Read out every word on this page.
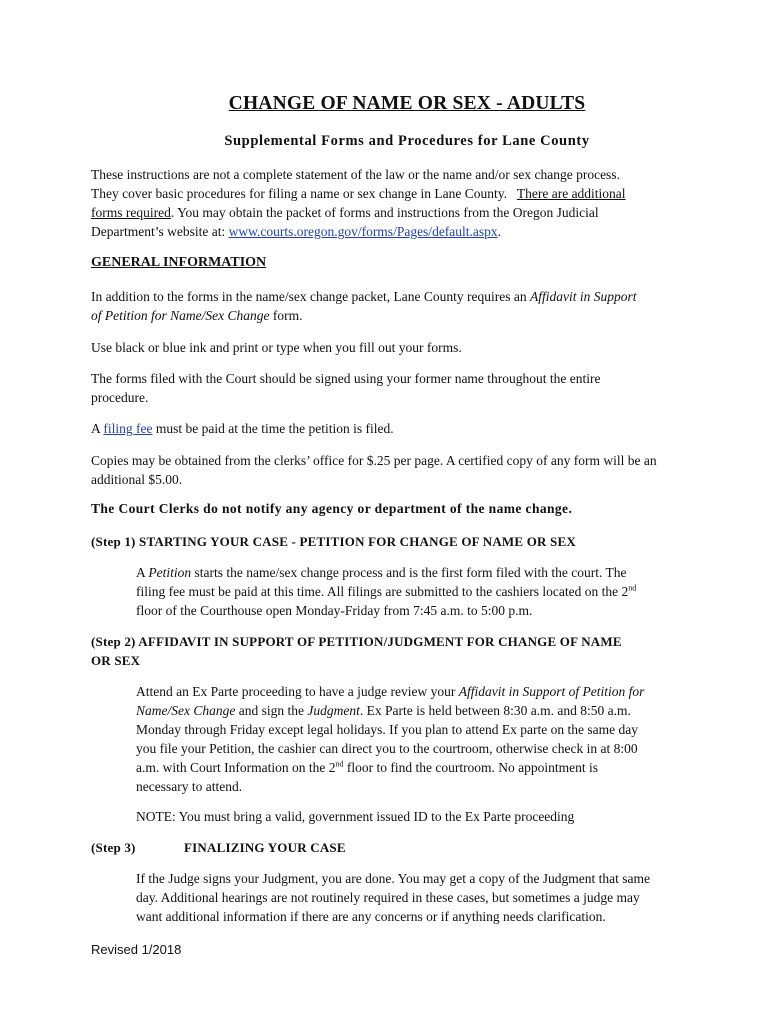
CHANGE OF NAME OR SEX - ADULTS
Supplemental Forms and Procedures for Lane County
These instructions are not a complete statement of the law or the name and/or sex change process.
They cover basic procedures for filing a name or sex change in Lane County. There are additional
forms required. You may obtain the packet of forms and instructions from the Oregon Judicial
Department’s website at: www.courts.oregon.gov/forms/Pages/default.aspx.
GENERAL INFORMATION
In addition to the forms in the name/sex change packet, Lane County requires an Affidavit in Support
of Petition for Name/Sex Change form.
Use black or blue ink and print or type when you fill out your forms.
The forms filed with the Court should be signed using your former name throughout the entire
procedure.
A filing fee must be paid at the time the petition is filed.
Copies may be obtained from the clerks’ office for $.25 per page. A certified copy of any form will be an
additional $5.00.
The Court Clerks do not notify any agency or department of the name change.
(Step 1) STARTING YOUR CASE - PETITION FOR CHANGE OF NAME OR SEX
A Petition starts the name/sex change process and is the first form filed with the court. The
filing fee must be paid at this time. All filings are submitted to the cashiers located on the 2nd
floor of the Courthouse open Monday-Friday from 7:45 a.m. to 5:00 p.m.
(Step 2) AFFIDAVIT IN SUPPORT OF PETITION/JUDGMENT FOR CHANGE OF NAME
OR SEX
Attend an Ex Parte proceeding to have a judge review your Affidavit in Support of Petition for
Name/Sex Change and sign the Judgment. Ex Parte is held between 8:30 a.m. and 8:50 a.m.
Monday through Friday except legal holidays. If you plan to attend Ex parte on the same day
you file your Petition, the cashier can direct you to the courtroom, otherwise check in at 8:00
a.m. with Court Information on the 2nd floor to find the courtroom. No appointment is
necessary to attend.
NOTE: You must bring a valid, government issued ID to the Ex Parte proceeding
(Step 3)	FINALIZING YOUR CASE
If the Judge signs your Judgment, you are done. You may get a copy of the Judgment that same
day. Additional hearings are not routinely required in these cases, but sometimes a judge may
want additional information if there are any concerns or if anything needs clarification.
Revised 1/2018
